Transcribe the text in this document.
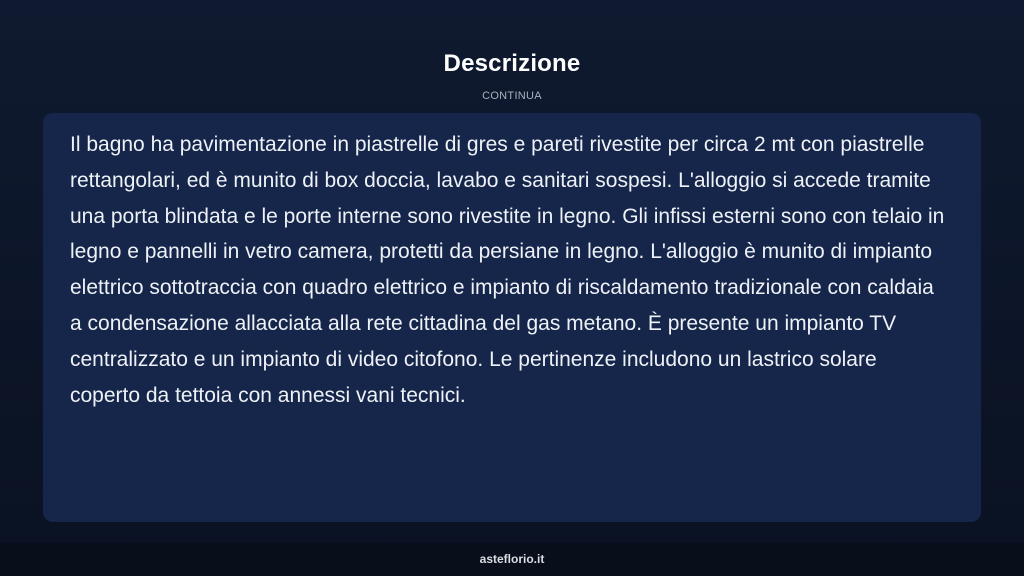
Descrizione
CONTINUA

Il bagno ha pavimentazione in piastrelle di gres e pareti rivestite per circa 2 mt con piastrelle rettangolari, ed è munito di box doccia, lavabo e sanitari sospesi. L'alloggio si accede tramite una porta blindata e le porte interne sono rivestite in legno. Gli infissi esterni sono con telaio in legno e pannelli in vetro camera, protetti da persiane in legno. L'alloggio è munito di impianto elettrico sottotraccia con quadro elettrico e impianto di riscaldamento tradizionale con caldaia a condensazione allacciata alla rete cittadina del gas metano. È presente un impianto TV centralizzato e un impianto di video citofono. Le pertinenze includono un lastrico solare coperto da tettoia con annessi vani tecnici.

asteflorio.it
